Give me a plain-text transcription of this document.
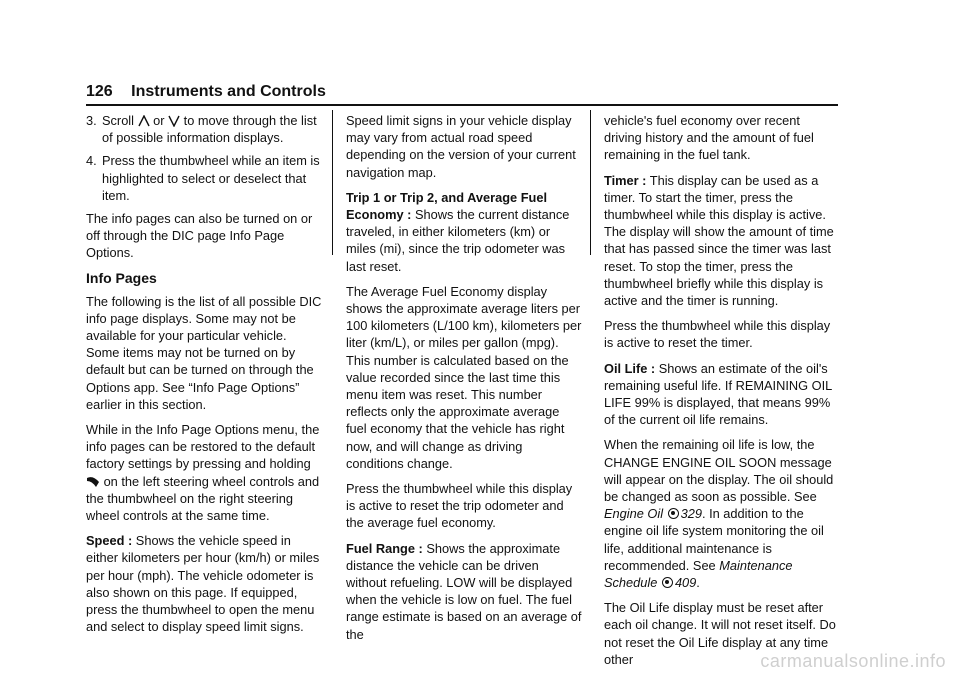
126 Instruments and Controls
3. Scroll or to move through the list of possible information displays.
4. Press the thumbwheel while an item is highlighted to select or deselect that item.

The info pages can also be turned on or off through the DIC page Info Page Options.

Info Pages

The following is the list of all possible DIC info page displays. Some may not be available for your particular vehicle. Some items may not be turned on by default but can be turned on through the Options app. See “Info Page Options” earlier in this section.

While in the Info Page Options menu, the info pages can be restored to the default factory settings by pressing and holding  on the left steering wheel controls and the thumbwheel on the right steering wheel controls at the same time.

Speed : Shows the vehicle speed in either kilometers per hour (km/h) or miles per hour (mph). The vehicle odometer is also shown on this page. If equipped, press the thumbwheel to open the menu and select to display speed limit signs.

Speed limit signs in your vehicle display may vary from actual road speed depending on the version of your current navigation map.

Trip 1 or Trip 2, and Average Fuel Economy : Shows the current distance traveled, in either kilometers (km) or miles (mi), since the trip odometer was last reset.

The Average Fuel Economy display shows the approximate average liters per 100 kilometers (L/100 km), kilometers per liter (km/L), or miles per gallon (mpg). This number is calculated based on the value recorded since the last time this menu item was reset. This number reflects only the approximate average fuel economy that the vehicle has right now, and will change as driving conditions change.

Press the thumbwheel while this display is active to reset the trip odometer and the average fuel economy.

Fuel Range : Shows the approximate distance the vehicle can be driven without refueling. LOW will be displayed when the vehicle is low on fuel. The fuel range estimate is based on an average of the

vehicle's fuel economy over recent driving history and the amount of fuel remaining in the fuel tank.

Timer : This display can be used as a timer. To start the timer, press the thumbwheel while this display is active. The display will show the amount of time that has passed since the timer was last reset. To stop the timer, press the thumbwheel briefly while this display is active and the timer is running.

Press the thumbwheel while this display is active to reset the timer.

Oil Life : Shows an estimate of the oil's remaining useful life. If REMAINING OIL LIFE 99% is displayed, that means 99% of the current oil life remains.

When the remaining oil life is low, the CHANGE ENGINE OIL SOON message will appear on the display. The oil should be changed as soon as possible. See Engine Oil 329. In addition to the engine oil life system monitoring the oil life, additional maintenance is recommended. See Maintenance Schedule 409.

The Oil Life display must be reset after each oil change. It will not reset itself. Do not reset the Oil Life display at any time other	carmanualsonline.info
